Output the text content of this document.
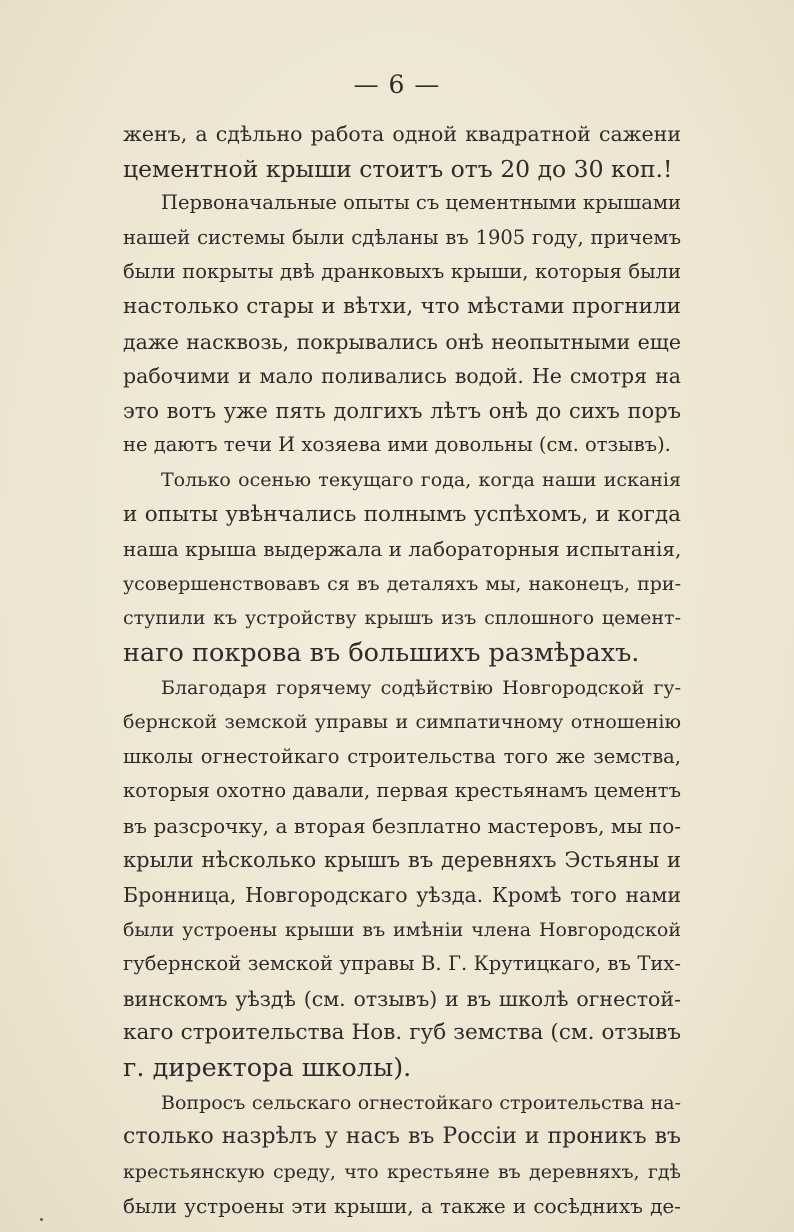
— 6 —
женъ, а сдѣльно работа одной квадратной сажени
цементной крыши стоитъ отъ 20 до 30 коп.!
Первоначальные опыты съ цементными крышами
нашей системы были сдѣланы въ 1905 году, причемъ
были покрыты двѣ дранковыхъ крыши, которыя были
настолько стары и вѣтхи, что мѣстами прогнили
даже насквозь, покрывались онѣ неопытными еще
рабочими и мало поливались водой. Не смотря на
это вотъ уже пять долгихъ лѣтъ онѣ до сихъ поръ
не даютъ течи И хозяева ими довольны (см. отзывъ).
Только осенью текущаго года, когда наши исканія
и опыты увѣнчались полнымъ успѣхомъ, и когда
наша крыша выдержала и лабораторныя испытанія,
усовершенствовавъ ся въ деталяхъ мы, наконецъ, при-
ступили къ устройству крышъ изъ сплошного цемент-
наго покрова въ большихъ размѣрахъ.
Благодаря горячему содѣйствію Новгородской гу-
бернской земской управы и симпатичному отношенію
школы огнестойкаго строительства того же земства,
которыя охотно давали, первая крестьянамъ цементъ
въ разсрочку, а вторая безплатно мастеровъ, мы по-
крыли нѣсколько крышъ въ деревняхъ Эстьяны и
Бронница, Новгородскаго уѣзда. Кромѣ того нами
были устроены крыши въ имѣніи члена Новгородской
губернской земской управы В. Г. Крутицкаго, въ Тих-
винскомъ уѣздѣ (см. отзывъ) и въ школѣ огнестой-
каго строительства Нов. губ земства (см. отзывъ
г. директора школы).
Вопросъ сельскаго огнестойкаго строительства на-
столько назрѣлъ у насъ въ Россіи и проникъ въ
крестьянскую среду, что крестьяне въ деревняхъ, гдѣ
были устроены эти крыши, а также и сосѣднихъ де-
